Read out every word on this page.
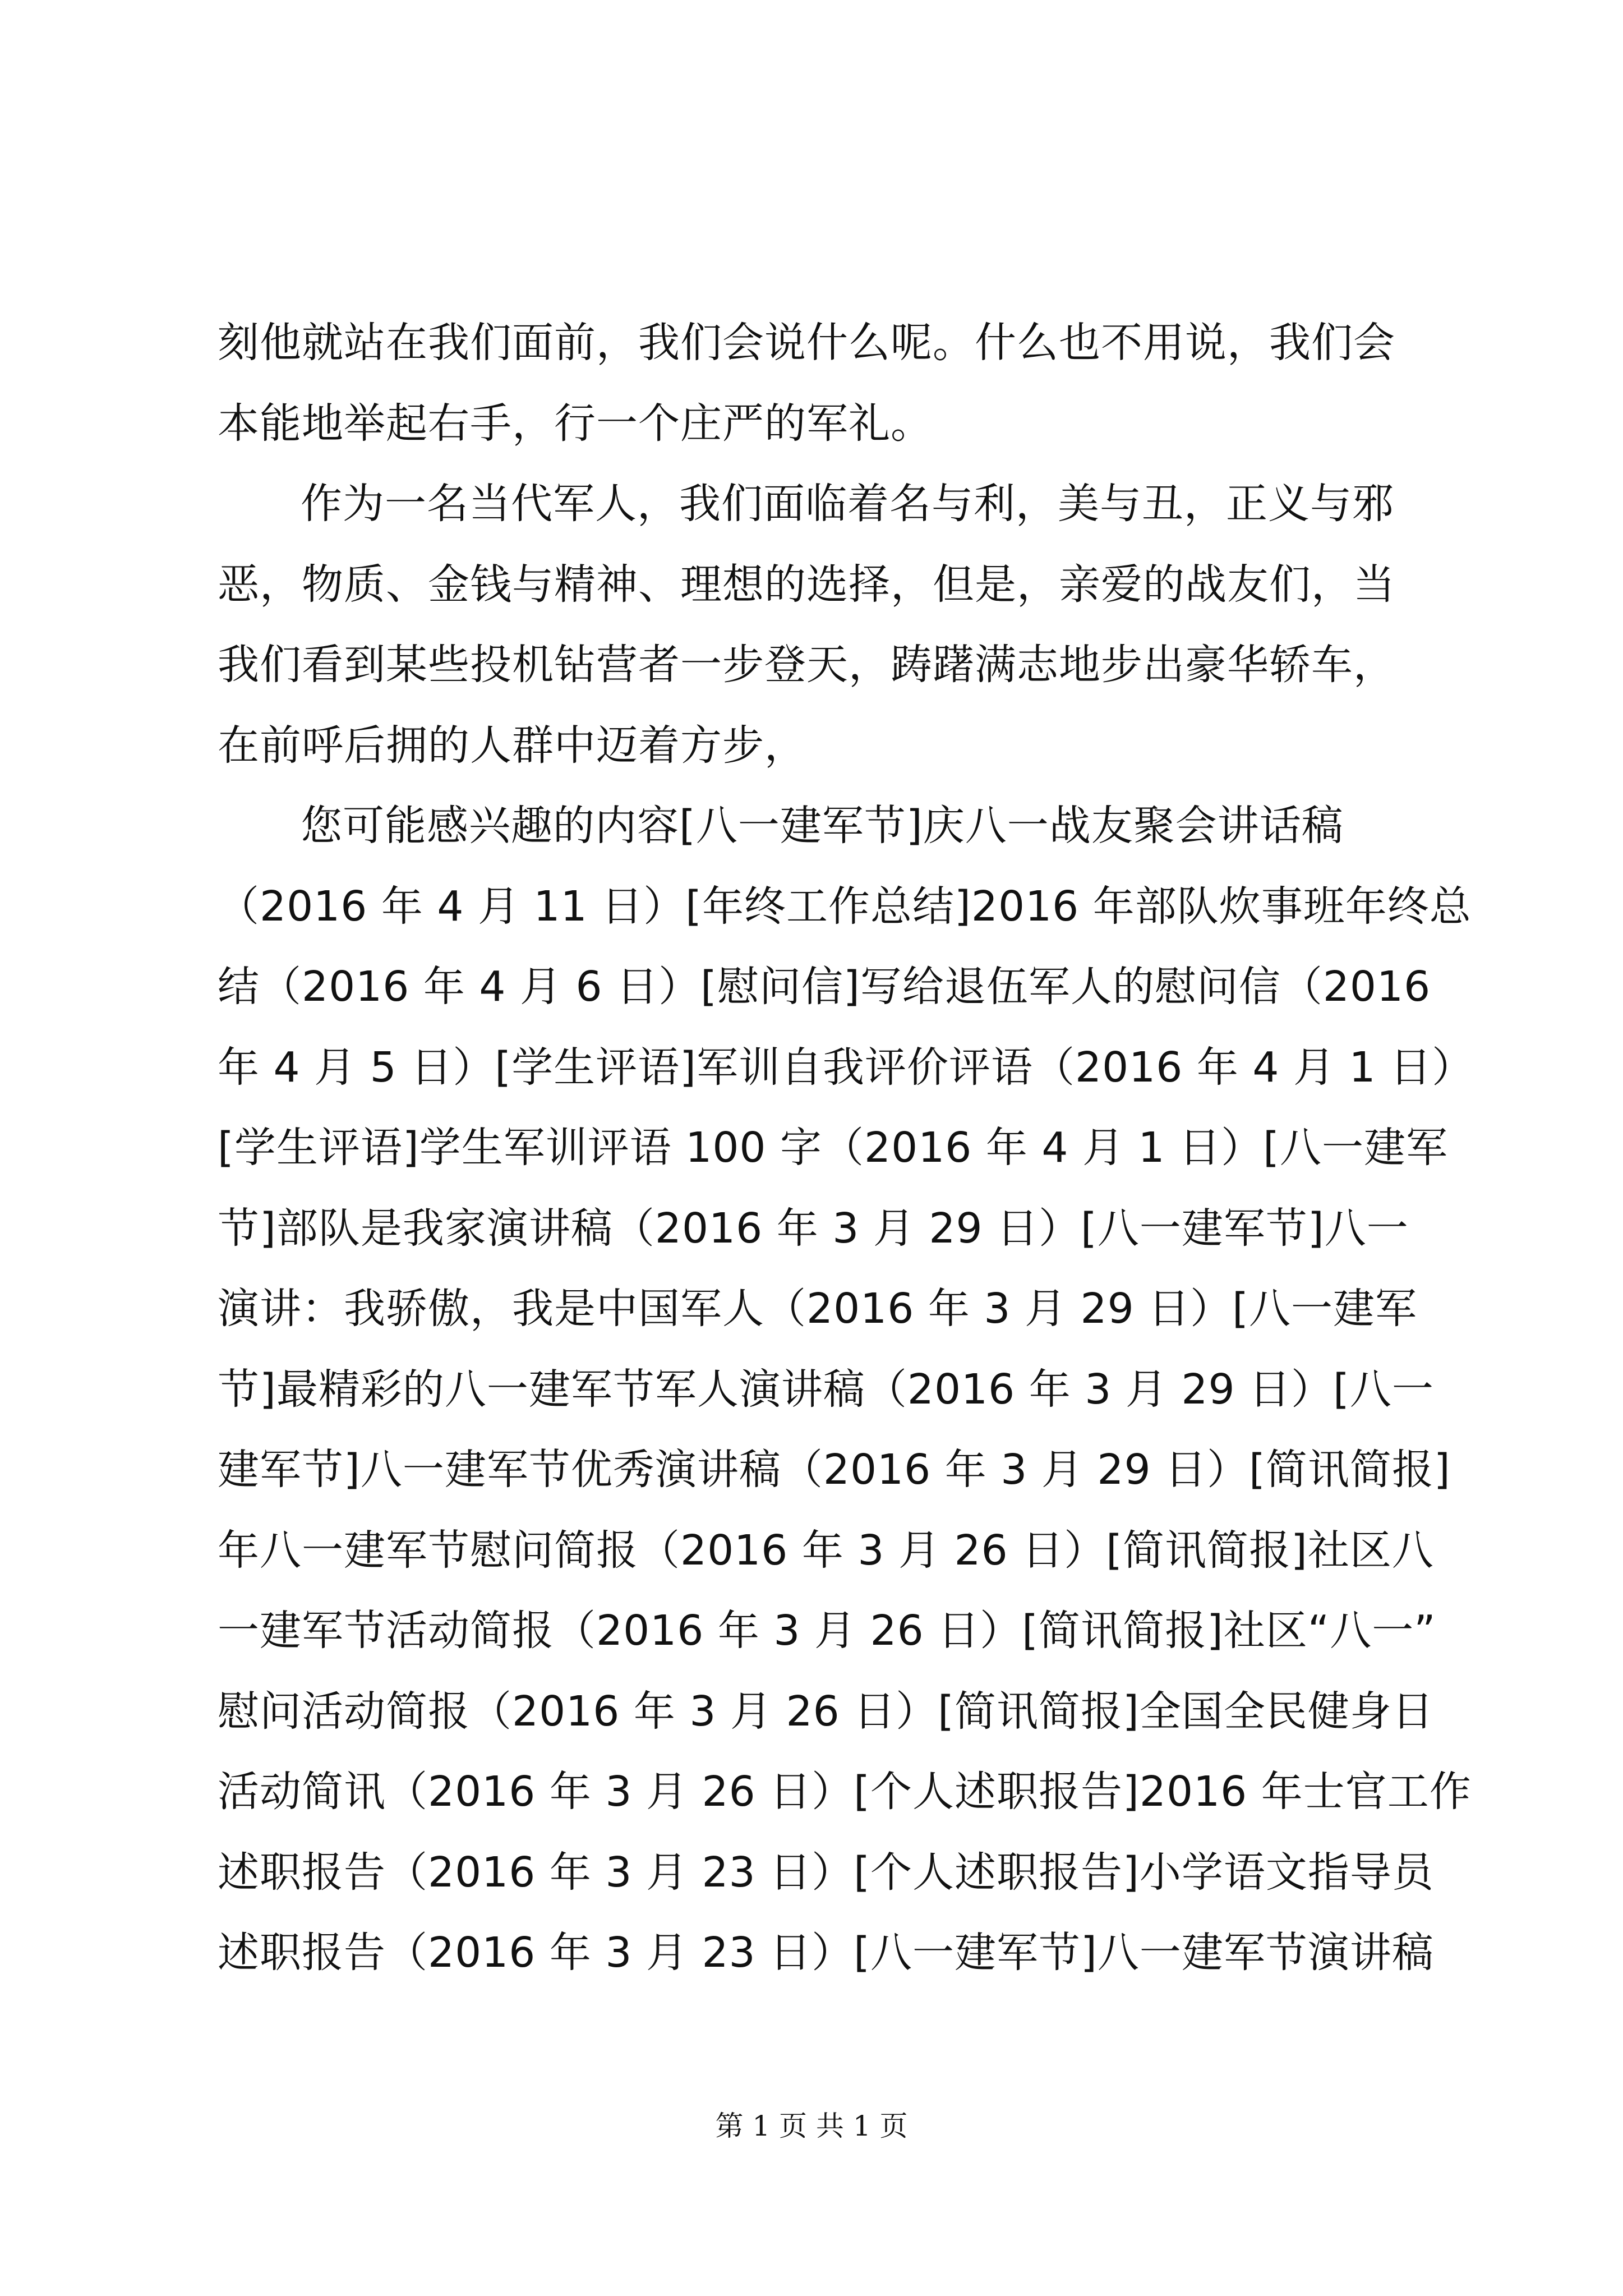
刻他就站在我们面前，我们会说什么呢。什么也不用说，我们会
本能地举起右手，行一个庄严的军礼。
作为一名当代军人，我们面临着名与利，美与丑，正义与邪
恶，物质、金钱与精神、理想的选择，但是，亲爱的战友们，当
我们看到某些投机钻营者一步登天，踌躇满志地步出豪华轿车，
在前呼后拥的人群中迈着方步，
您可能感兴趣的内容[八一建军节]庆八一战友聚会讲话稿
（2016 年 4 月 11 日）[年终工作总结]2016 年部队炊事班年终总
结（2016 年 4 月 6 日）[慰问信]写给退伍军人的慰问信（2016
年 4 月 5 日）[学生评语]军训自我评价评语（2016 年 4 月 1 日）
[学生评语]学生军训评语 100 字（2016 年 4 月 1 日）[八一建军
节]部队是我家演讲稿（2016 年 3 月 29 日）[八一建军节]八一
演讲：我骄傲，我是中国军人（2016 年 3 月 29 日）[八一建军
节]最精彩的八一建军节军人演讲稿（2016 年 3 月 29 日）[八一
建军节]八一建军节优秀演讲稿（2016 年 3 月 29 日）[简讯简报]
年八一建军节慰问简报（2016 年 3 月 26 日）[简讯简报]社区八
一建军节活动简报（2016 年 3 月 26 日）[简讯简报]社区“八一”
慰问活动简报（2016 年 3 月 26 日）[简讯简报]全国全民健身日
活动简讯（2016 年 3 月 26 日）[个人述职报告]2016 年士官工作
述职报告（2016 年 3 月 23 日）[个人述职报告]小学语文指导员
述职报告（2016 年 3 月 23 日）[八一建军节]八一建军节演讲稿
第 1 页 共 1 页
